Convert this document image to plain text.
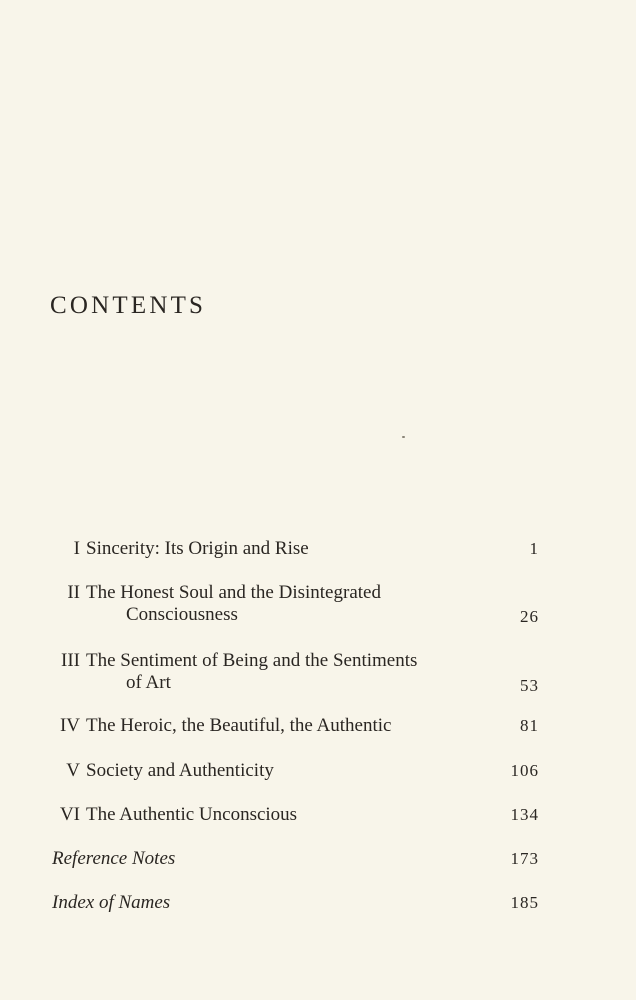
CONTENTS
I Sincerity: Its Origin and Rise	1
II The Honest Soul and the Disintegrated
Consciousness	26
III The Sentiment of Being and the Sentiments
of Art	53
IV The Heroic, the Beautiful, the Authentic	81
V Society and Authenticity	106
VI The Authentic Unconscious	134
Reference Notes	173
Index of Names	185
